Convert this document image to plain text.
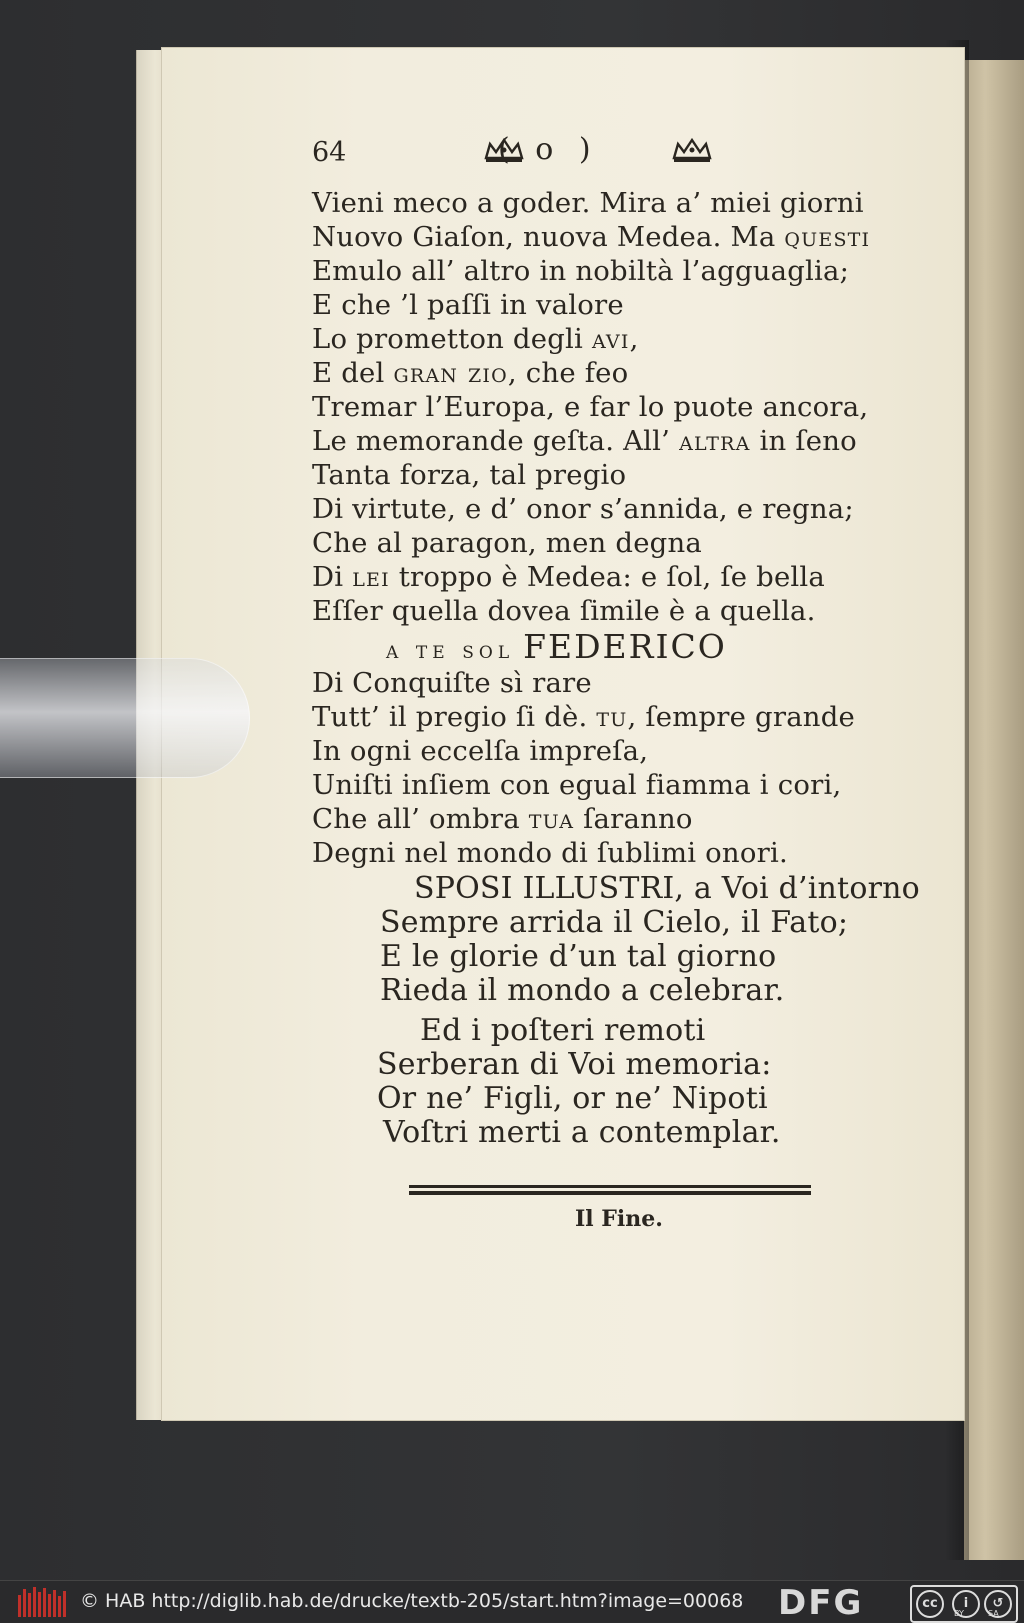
64	( o )
Vieni meco a goder. Mira a’ miei giorni
Nuovo Giaſon, nuova Medea. Ma questi
Emulo all’ altro in nobiltà l’agguaglia;
E che ’l paſſi in valore
Lo prometton degli avi,
E del gran zio, che feo
Tremar l’Europa, e far lo puote ancora,
Le memorande geſta. All’ altra in ſeno
Tanta forza, tal pregio
Di virtute, e d’ onor s’annida, e regna;
Che al paragon, men degna
Di lei troppo è Medea: e ſol, ſe bella
Eſſer quella dovea ſimile è a quella.
a te sol FEDERICO
Di Conquiſte sì rare
Tutt’ il pregio ſi dè. tu, ſempre grande
In ogni eccelſa impreſa,
Uniſti inſiem con egual fiamma i cori,
Che all’ ombra tua ſaranno
Degni nel mondo di ſublimi onori.
SPOSI ILLUSTRI, a Voi d’intorno
Sempre arrida il Cielo, il Fato;
E le glorie d’un tal giorno
Rieda il mondo a celebrar.
Ed i poſteri remoti
Serberan di Voi memoria:
Or ne’ Figli, or ne’ Nipoti
Voſtri merti a contemplar.
Il Fine.
© HAB http://diglib.hab.de/drucke/textb-205/start.htm?image=00068 DFG	cc	i	↺
BY	SA
